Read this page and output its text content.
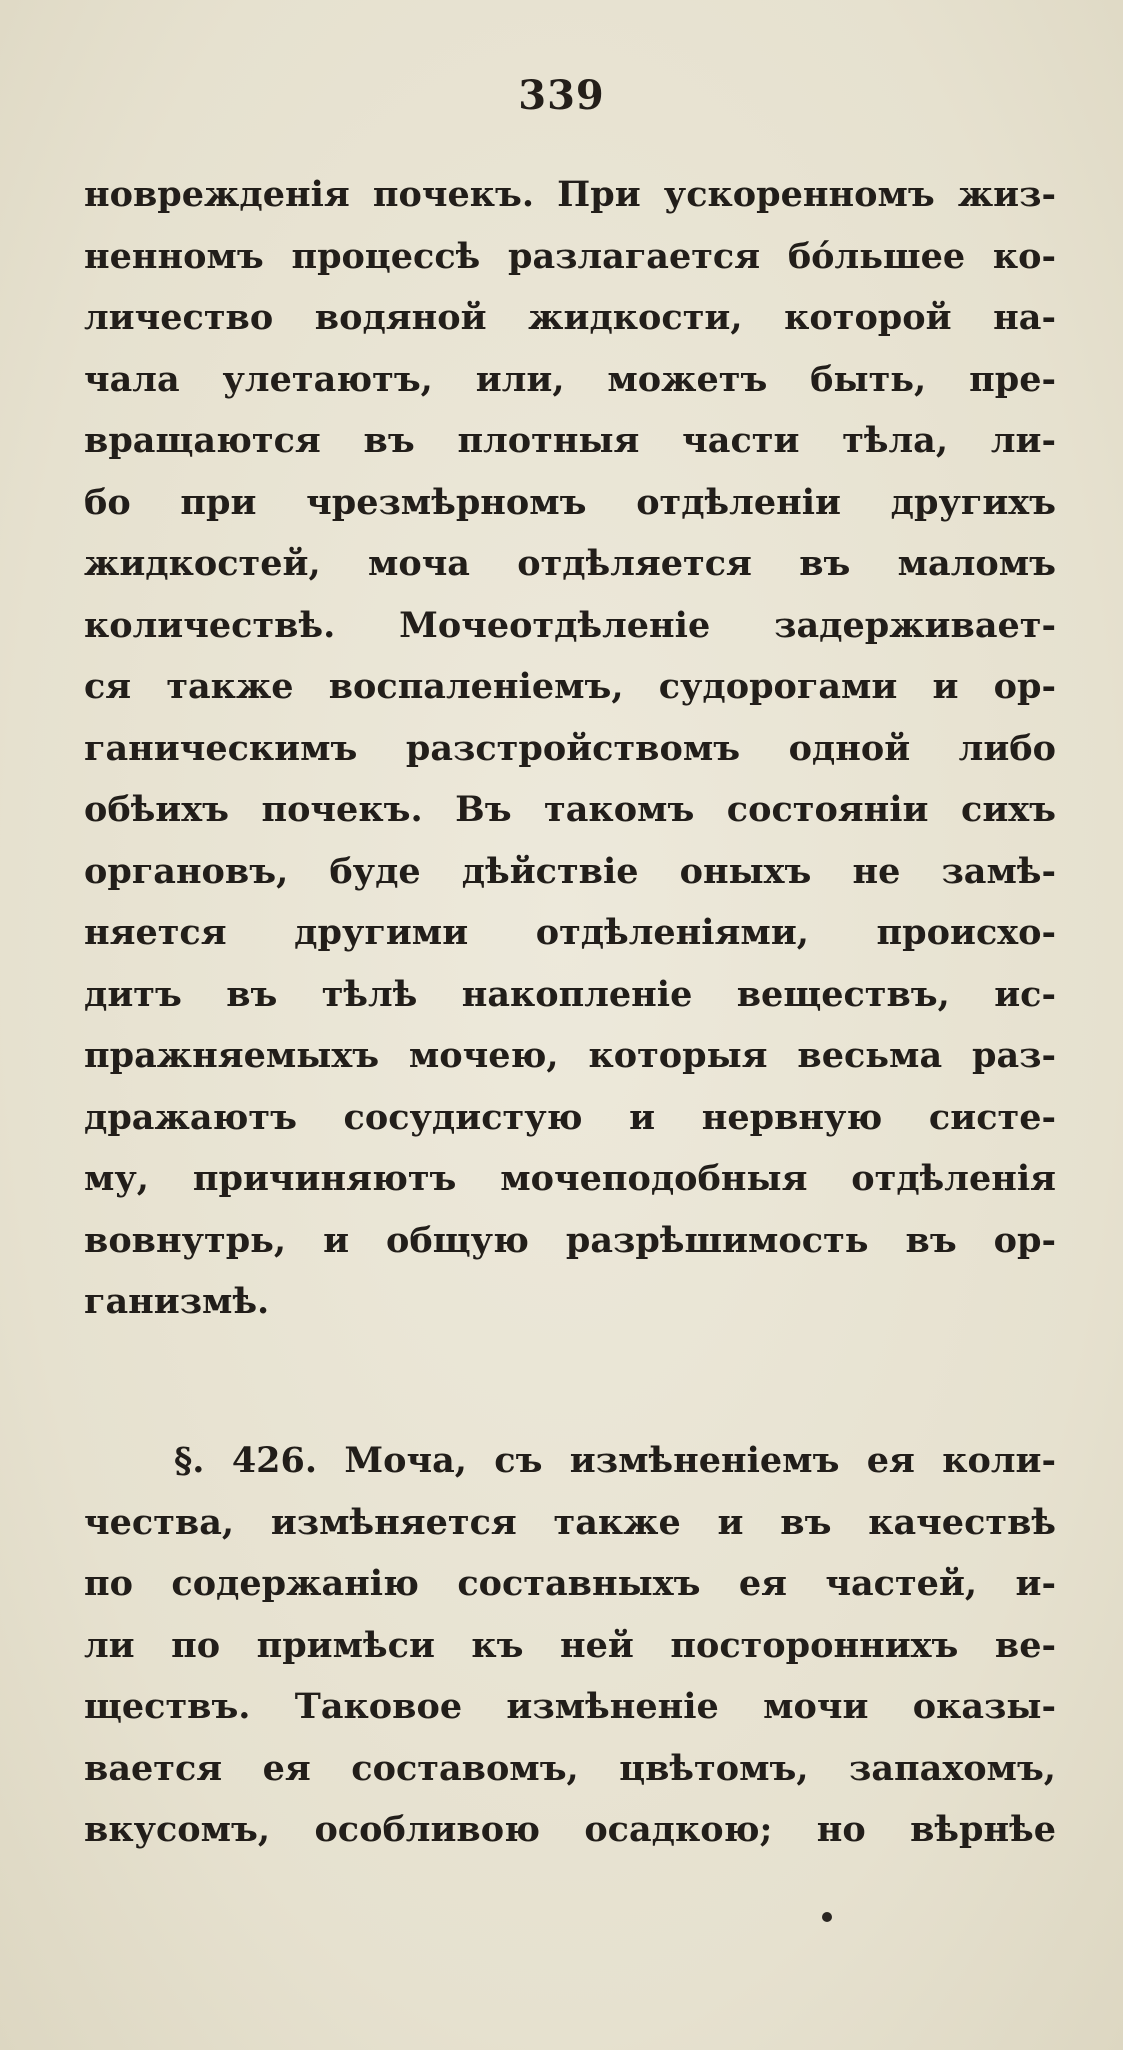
339
новрежденія почекъ. При ускоренномъ жиз-
ненномъ процессѣ разлагается бóльшее ко-
личество водяной жидкости, которой на-
чала улетаютъ, или, можетъ быть, пре-
вращаются въ плотныя части тѣла, ли-
бо при чрезмѣрномъ отдѣленіи другихъ
жидкостей, моча отдѣляется въ маломъ
количествѣ. Мочеотдѣленіе задерживает-
ся также воспаленіемъ, судорогами и ор-
ганическимъ разстройствомъ одной либо
обѣихъ почекъ. Въ такомъ состояніи сихъ
органовъ, буде дѣйствіе оныхъ не замѣ-
няется другими отдѣленіями, происхо-
дитъ въ тѣлѣ накопленіе веществъ, ис-
пражняемыхъ мочею, которыя весьма раз-
дражаютъ сосудистую и нервную систе-
му, причиняютъ мочеподобныя отдѣленія
вовнутрь, и общую разрѣшимость въ ор-
ганизмѣ.
§. 426. Моча, съ измѣненіемъ ея коли-
чества, измѣняется также и въ качествѣ
по содержанію составныхъ ея частей, и-
ли по примѣси къ ней постороннихъ ве-
ществъ. Таковое измѣненіе мочи оказы-
вается ея составомъ, цвѣтомъ, запахомъ,
вкусомъ, особливою осадкою; но вѣрнѣе
